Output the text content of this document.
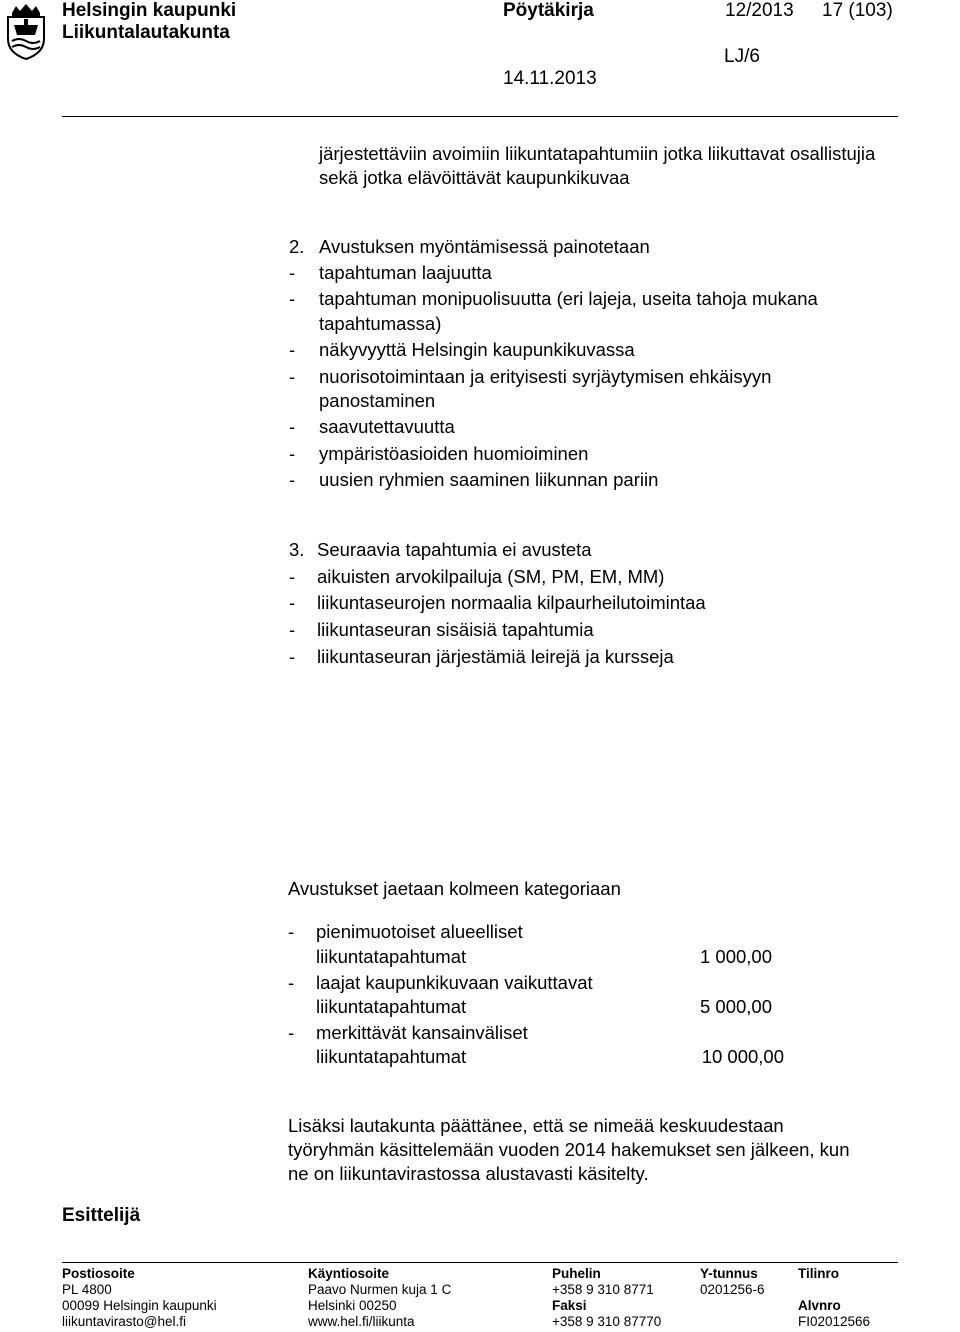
Helsingin kaupunki
Liikuntalautakunta
Pöytäkirja	12/2013 17 (103)
LJ/6
14.11.2013
järjestettäviin avoimiin liikuntatapahtumiin jotka liikuttavat osallistujia
sekä jotka elävöittävät kaupunkikuvaa
2. Avustuksen myöntämisessä painotetaan
- tapahtuman laajuutta
- tapahtuman monipuolisuutta (eri lajeja, useita tahoja mukana
tapahtumassa)
- näkyvyyttä Helsingin kaupunkikuvassa
- nuorisotoimintaan ja erityisesti syrjäytymisen ehkäisyyn
panostaminen
- saavutettavuutta
- ympäristöasioiden huomioiminen
- uusien ryhmien saaminen liikunnan pariin
3. Seuraavia tapahtumia ei avusteta
- aikuisten arvokilpailuja (SM, PM, EM, MM)
- liikuntaseurojen normaalia kilpaurheilutoimintaa
- liikuntaseuran sisäisiä tapahtumia
- liikuntaseuran järjestämiä leirejä ja kursseja
Avustukset jaetaan kolmeen kategoriaan
- pienimuotoiset alueelliset
liikuntatapahtumat	1 000,00
- laajat kaupunkikuvaan vaikuttavat
liikuntatapahtumat	5 000,00
- merkittävät kansainväliset
liikuntatapahtumat	10 000,00
Lisäksi lautakunta päättänee, että se nimeää keskuudestaan
työryhmän käsittelemään vuoden 2014 hakemukset sen jälkeen, kun
ne on liikuntavirastossa alustavasti käsitelty.
Esittelijä
Postiosoite
PL 4800
00099 Helsingin kaupunki
liikuntavirasto@hel.fi
Käyntiosoite
Paavo Nurmen kuja 1 C
Helsinki 00250
www.hel.fi/liikunta
Puhelin
+358 9 310 8771
Faksi
+358 9 310 87770
Y-tunnus
0201256-6
Tilinro
Alvnro
FI02012566
